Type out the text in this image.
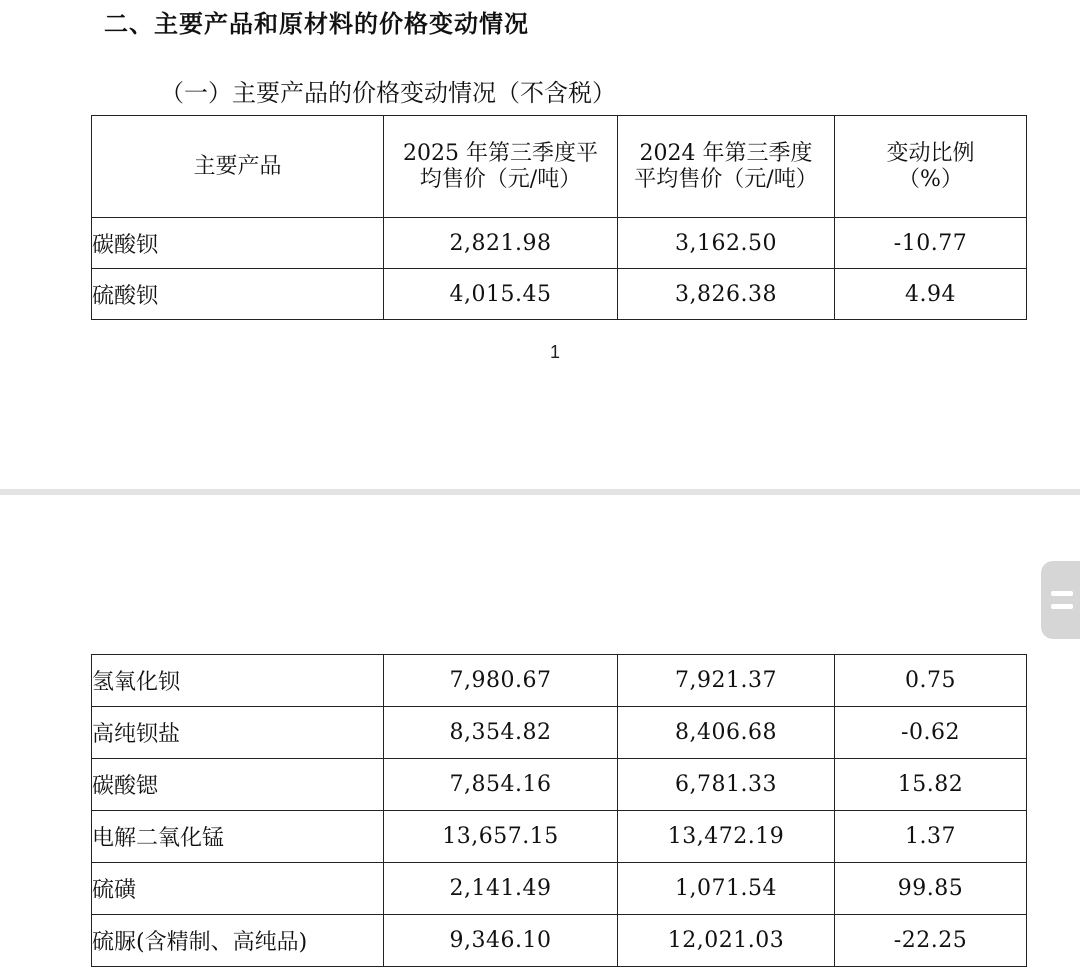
二、主要产品和原材料的价格变动情况
（一）主要产品的价格变动情况（不含税）
主要产品	2025 年第三季度平均售价（元/吨）	2024 年第三季度平均售价（元/吨）	变动比例（%）
碳酸钡	2,821.98	3,162.50	-10.77
硫酸钡	4,015.45	3,826.38	4.94
1
氢氧化钡	7,980.67	7,921.37	0.75
高纯钡盐	8,354.82	8,406.68	-0.62
碳酸锶	7,854.16	6,781.33	15.82
电解二氧化锰	13,657.15	13,472.19	1.37
硫磺	2,141.49	1,071.54	99.85
硫脲(含精制、高纯品)	9,346.10	12,021.03	-22.25
